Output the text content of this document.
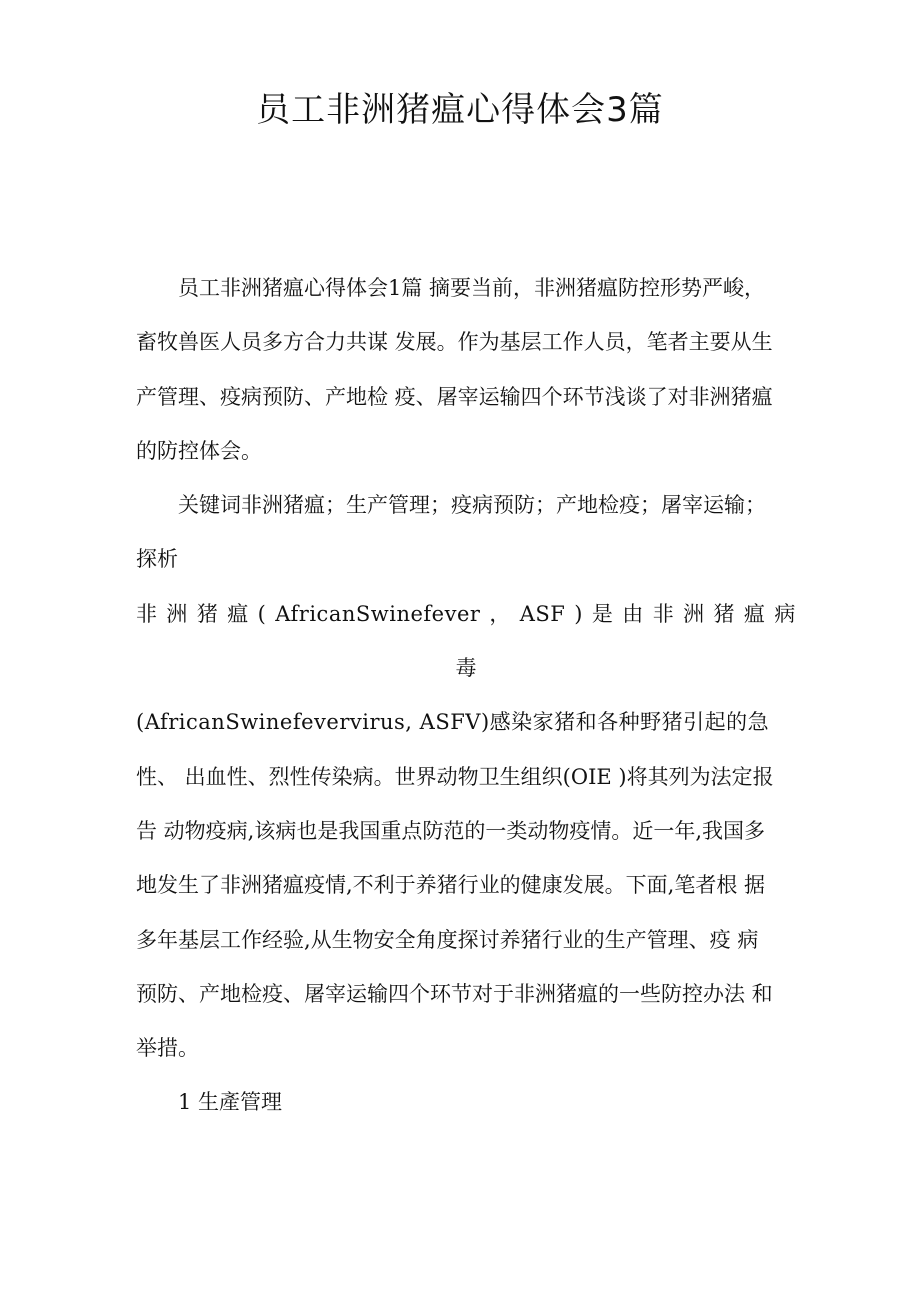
员工非洲猪瘟心得体会3篇
员工非洲猪瘟心得体会1篇 摘要当前，非洲猪瘟防控形势严峻，
畜牧兽医人员多方合力共谋 发展。作为基层工作人员，笔者主要从生
产管理、疫病预防、产地检 疫、屠宰运输四个环节浅谈了对非洲猪瘟
的防控体会。
关键词非洲猪瘟；生产管理；疫病预防；产地检疫；屠宰运输；
探析
非 洲 猪 瘟 ( AfricanSwinefever ， ASF ) 是 由 非 洲 猪 瘟 病
毒
(AfricanSwinefevervirus, ASFV)感染家猪和各种野猪引起的急
性、 出血性、烈性传染病。世界动物卫生组织(OIE )将其列为法定报
告 动物疫病,该病也是我国重点防范的一类动物疫情。近一年,我国多
地发生了非洲猪瘟疫情,不利于养猪行业的健康发展。下面,笔者根 据
多年基层工作经验,从生物安全角度探讨养猪行业的生产管理、疫 病
预防、产地检疫、屠宰运输四个环节对于非洲猪瘟的一些防控办法 和
举措。
1 生產管理
